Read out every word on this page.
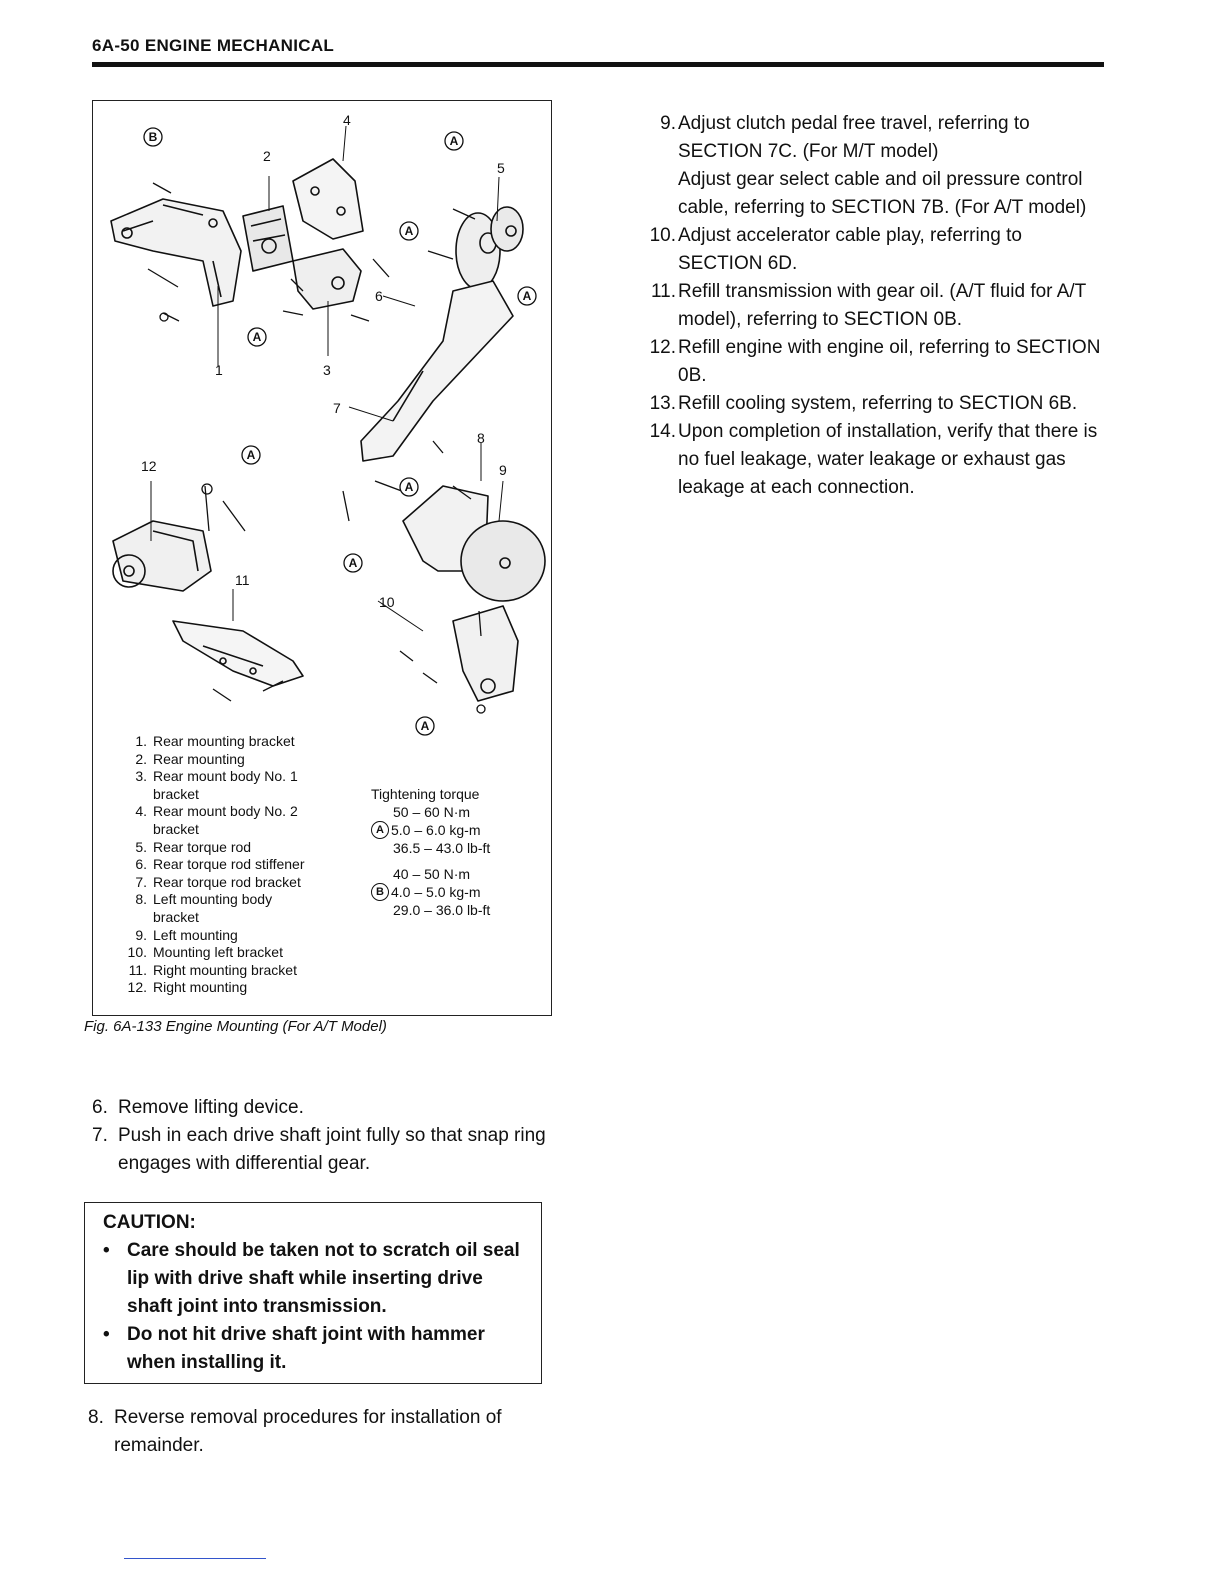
6A-50 ENGINE MECHANICAL
4
2
5
6
1	3
7
8
12	9
11
10
B	A
A
A
A
A
A
A
A
1. Rear mounting bracket
2. Rear mounting
3. Rear mount body No. 1 bracket
4. Rear mount body No. 2 bracket
5. Rear torque rod
6. Rear torque rod stiffener
7. Rear torque rod bracket
8. Left mounting body bracket
9. Left mounting
10. Mounting left bracket
11. Right mounting bracket
12. Right mounting
Tightening torque
50 – 60 N·m
A 5.0 – 6.0 kg-m
36.5 – 43.0 lb-ft
40 – 50 N·m
B 4.0 – 5.0 kg-m
29.0 – 36.0 lb-ft
Fig. 6A-133 Engine Mounting (For A/T Model)
6. Remove lifting device.
7. Push in each drive shaft joint fully so that snap ring engages with differential gear.
CAUTION:
• Care should be taken not to scratch oil seal lip with drive shaft while inserting drive shaft joint into transmission.
• Do not hit drive shaft joint with hammer when installing it.
8. Reverse removal procedures for installation of remainder.
9. Adjust clutch pedal free travel, referring to SECTION 7C. (For M/T model)
Adjust gear select cable and oil pressure control cable, referring to SECTION 7B. (For A/T model)
10. Adjust accelerator cable play, referring to SECTION 6D.
11. Refill transmission with gear oil. (A/T fluid for A/T model), referring to SECTION 0B.
12. Refill engine with engine oil, referring to SECTION 0B.
13. Refill cooling system, referring to SECTION 6B.
14. Upon completion of installation, verify that there is no fuel leakage, water leakage or exhaust gas leakage at each connection.
